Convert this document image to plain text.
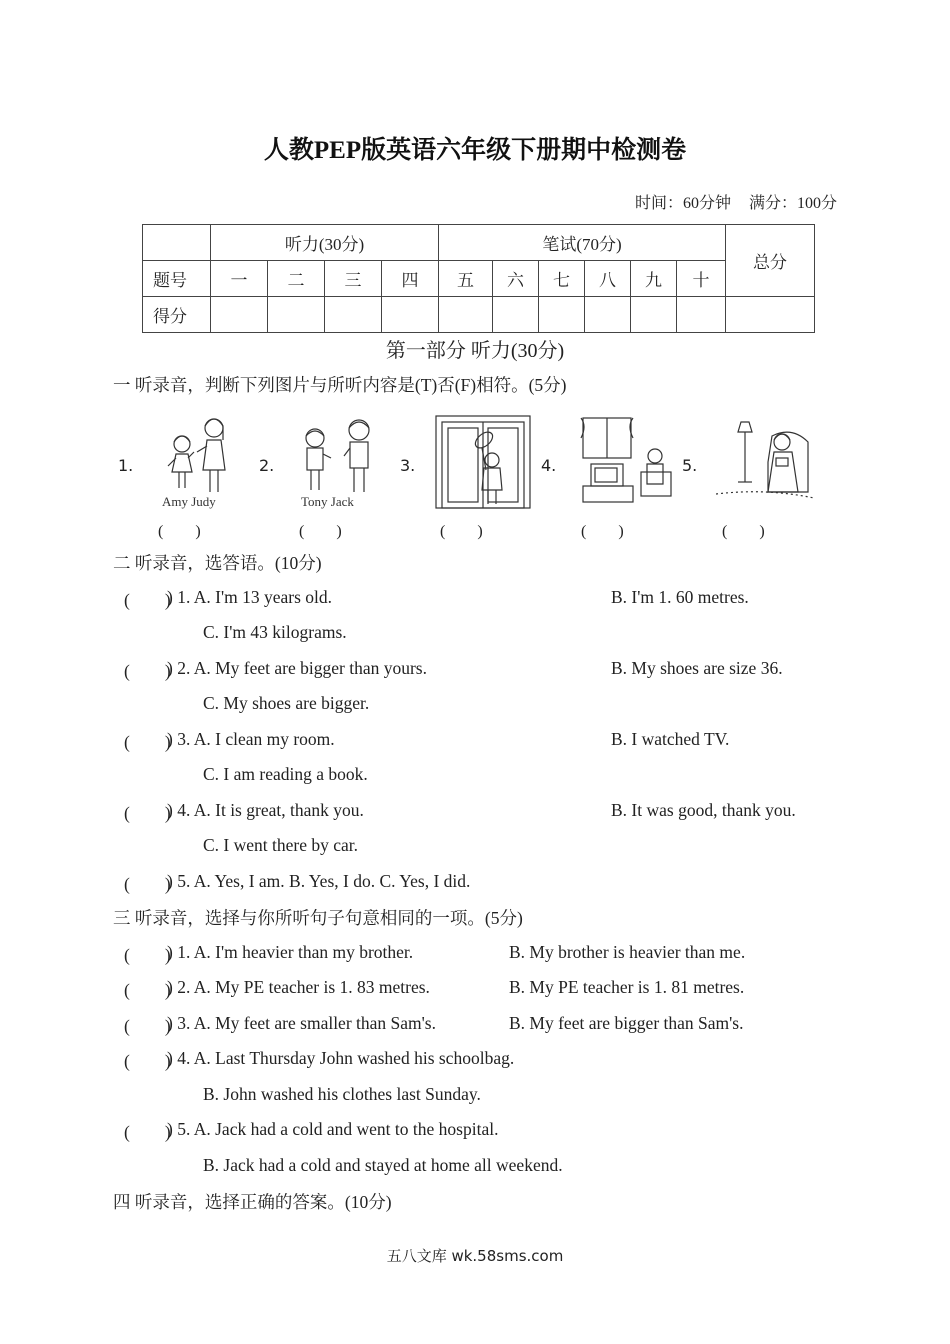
人教PEP版英语六年级下册期中检测卷
时间：60分钟 满分：100分
	听力(30分)				笔试(70分)						总分
题号	一	二	三	四	五	六	七	八	九	十	
得分											
第一部分 听力(30分)
一 听录音，判断下列图片与所听内容是(T)否(F)相符。(5分)
1.
Amy Judy
(　　)
2.
Tony Jack
(　　)
3.
(　　)
4.
(　　)
5.
(　　)
二 听录音，选答语。(10分)
(　　)
) 1. A. I'm 13 years old.	B. I'm 1. 60 metres.
C. I'm 43 kilograms.
(　　)
) 2. A. My feet are bigger than yours.	B. My shoes are size 36.
C. My shoes are bigger.
(　　)
) 3. A. I clean my room.	B. I watched TV.
C. I am reading a book.
(　　)
) 4. A. It is great, thank you.	B. It was good, thank you.
C. I went there by car.
(　　)
) 5. A. Yes, I am. B. Yes, I do. C. Yes, I did.
三 听录音，选择与你所听句子句意相同的一项。(5分)
(　　)
) 1. A. I'm heavier than my brother.	B. My brother is heavier than me.
(　　)
) 2. A. My PE teacher is 1. 83 metres.	B. My PE teacher is 1. 81 metres.
(　　)
) 3. A. My feet are smaller than Sam's.	B. My feet are bigger than Sam's.
(　　)
) 4. A. Last Thursday John washed his schoolbag.
B. John washed his clothes last Sunday.
(　　)
) 5. A. Jack had a cold and went to the hospital.
B. Jack had a cold and stayed at home all weekend.
四 听录音，选择正确的答案。(10分)
五八文库 wk.58sms.com
